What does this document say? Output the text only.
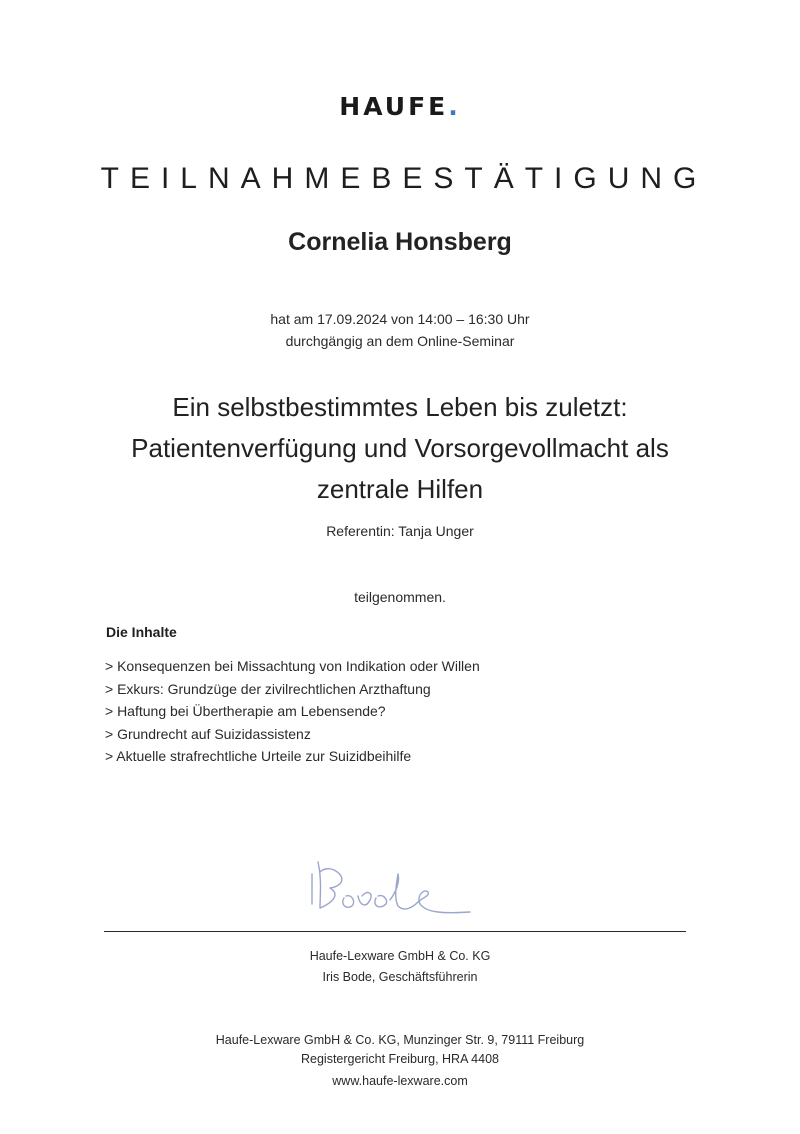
HAUFE.
TEILNAHMEBESTÄTIGUNG
Cornelia Honsberg
hat am 17.09.2024 von 14:00 – 16:30 Uhr
durchgängig an dem Online-Seminar
Ein selbstbestimmtes Leben bis zuletzt:
Patientenverfügung und Vorsorgevollmacht als
zentrale Hilfen
Referentin: Tanja Unger
teilgenommen.
Die Inhalte
> Konsequenzen bei Missachtung von Indikation oder Willen
> Exkurs: Grundzüge der zivilrechtlichen Arzthaftung
> Haftung bei Übertherapie am Lebensende?
> Grundrecht auf Suizidassistenz
> Aktuelle strafrechtliche Urteile zur Suizidbeihilfe
Haufe-Lexware GmbH & Co. KG
Iris Bode, Geschäftsführerin
Haufe-Lexware GmbH & Co. KG, Munzinger Str. 9, 79111 Freiburg
Registergericht Freiburg, HRA 4408
www.haufe-lexware.com
